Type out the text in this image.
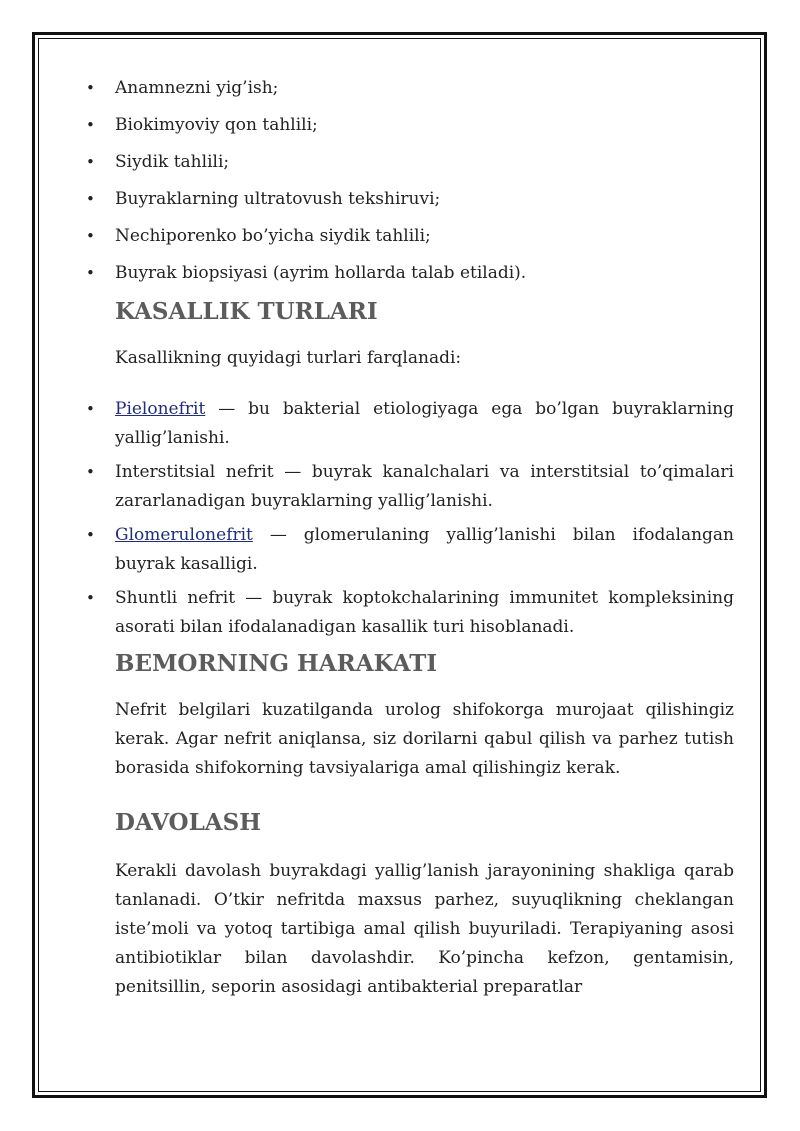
• Anamnezni yig’ish;
• Biokimyoviy qon tahlili;
• Siydik tahlili;
• Buyraklarning ultratovush tekshiruvi;
• Nechiporenko bo’yicha siydik tahlili;
• Buyrak biopsiyasi (ayrim hollarda talab etiladi).
KASALLIK TURLARI

Kasallikning quyidagi turlari farqlanadi:

• Pielonefrit — bu bakterial etiologiyaga ega bo’lgan buyraklarning yallig’lanishi.
• Interstitsial nefrit — buyrak kanalchalari va interstitsial to’qimalari zararlanadigan buyraklarning yallig’lanishi.
• Glomerulonefrit — glomerulaning yallig’lanishi bilan ifodalangan buyrak kasalligi.
• Shuntli nefrit — buyrak koptokchalarining immunitet kompleksining asorati bilan ifodalanadigan kasallik turi hisoblanadi.
BEMORNING HARAKATI

Nefrit belgilari kuzatilganda urolog shifokorga murojaat qilishingiz kerak. Agar nefrit aniqlansa, siz dorilarni qabul qilish va parhez tutish borasida shifokorning tavsiyalariga amal qilishingiz kerak.

DAVOLASH

Kerakli davolash buyrakdagi yallig’lanish jarayonining shakliga qarab tanlanadi. O’tkir nefritda maxsus parhez, suyuqlikning cheklangan iste’moli va yotoq tartibiga amal qilish buyuriladi. Terapiyaning asosi antibiotiklar bilan davolashdir. Ko’pincha kefzon, gentamisin, penitsillin, seporin asosidagi antibakterial preparatlar
